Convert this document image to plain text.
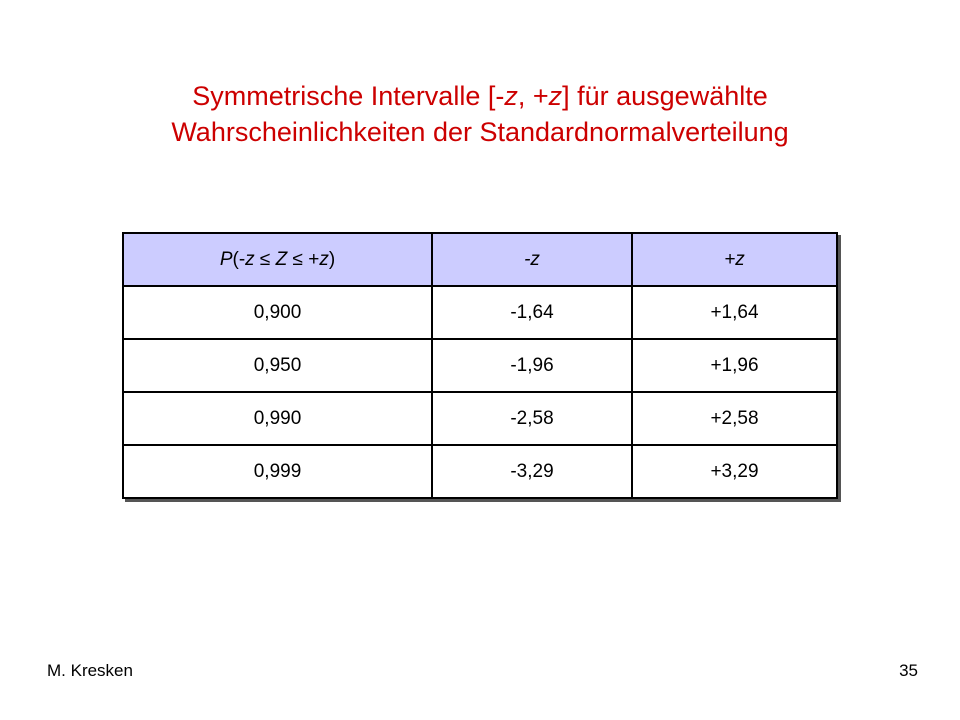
Symmetrische Intervalle [-z, +z] für ausgewählte
Wahrscheinlichkeiten der Standardnormalverteilung
P(-z ≤ Z ≤ +z)	-z	+z
0,900	-1,64	+1,64
0,950	-1,96	+1,96
0,990	-2,58	+2,58
0,999	-3,29	+3,29
M. Kresken	35
